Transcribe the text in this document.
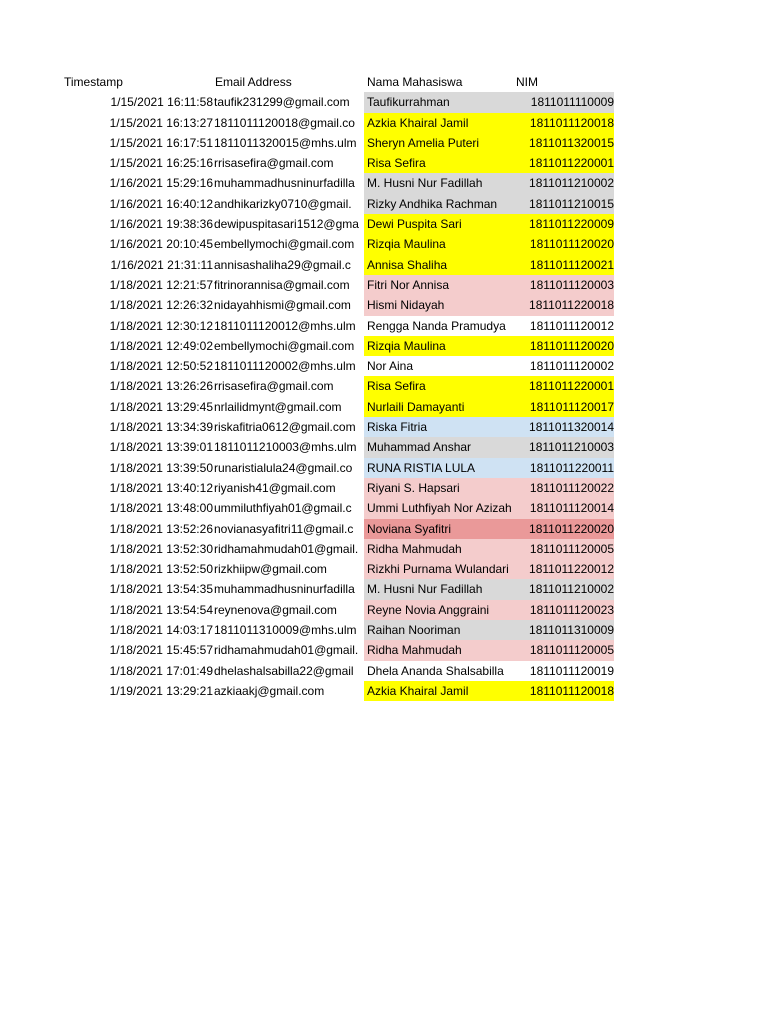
Timestamp	Email Address	Nama Mahasiswa	NIM
1/15/2021 16:11:58 taufik231299@gmail.com	Taufikurrahman	1811011110009
1/15/2021 16:13:27 1811011120018@gmail.co	Azkia Khairal Jamil	1811011120018
1/15/2021 16:17:51 1811011320015@mhs.ulm Sheryn Amelia Puteri	1811011320015
1/15/2021 16:25:16 rrisasefira@gmail.com	Risa Sefira	1811011220001
1/16/2021 15:29:16 muhammadhusninurfadilla	M. Husni Nur Fadillah	1811011210002
1/16/2021 16:40:12 andhikarizky0710@gmail.	Rizky Andhika Rachman	1811011210015
1/16/2021 19:38:36 dewipuspitasari1512@gma Dewi Puspita Sari	1811011220009
1/16/2021 20:10:45 embellymochi@gmail.com	Rizqia Maulina	1811011120020
1/16/2021 21:31:11 annisashaliha29@gmail.c	Annisa Shaliha	1811011120021
1/18/2021 12:21:57 fitrinorannisa@gmail.com	Fitri Nor Annisa	1811011120003
1/18/2021 12:26:32 nidayahhismi@gmail.com	Hismi Nidayah	1811011220018
1/18/2021 12:30:12 1811011120012@mhs.ulm Rengga Nanda Pramudya	1811011120012
1/18/2021 12:49:02 embellymochi@gmail.com	Rizqia Maulina	1811011120020
1/18/2021 12:50:52 1811011120002@mhs.ulm Nor Aina	1811011120002
1/18/2021 13:26:26 rrisasefira@gmail.com	Risa Sefira	1811011220001
1/18/2021 13:29:45 nrlailidmynt@gmail.com	Nurlaili Damayanti	1811011120017
1/18/2021 13:34:39 riskafitria0612@gmail.com Riska Fitria	1811011320014
1/18/2021 13:39:01 1811011210003@mhs.ulm Muhammad Anshar	1811011210003
1/18/2021 13:39:50 runaristialula24@gmail.co	RUNA RISTIA LULA	1811011220011
1/18/2021 13:40:12 riyanish41@gmail.com	Riyani S. Hapsari	1811011120022
1/18/2021 13:48:00 ummiluthfiyah01@gmail.c	Ummi Luthfiyah Nor Azizah	1811011120014
1/18/2021 13:52:26 novianasyafitri11@gmail.c	Noviana Syafitri	1811011220020
1/18/2021 13:52:30 ridhamahmudah01@gmail. Ridha Mahmudah	1811011120005
1/18/2021 13:52:50 rizkhiipw@gmail.com	Rizkhi Purnama Wulandari	1811011220012
1/18/2021 13:54:35 muhammadhusninurfadilla	M. Husni Nur Fadillah	1811011210002
1/18/2021 13:54:54 reynenova@gmail.com	Reyne Novia Anggraini	1811011120023
1/18/2021 14:03:17 1811011310009@mhs.ulm Raihan Nooriman	1811011310009
1/18/2021 15:45:57 ridhamahmudah01@gmail. Ridha Mahmudah	1811011120005
1/18/2021 17:01:49 dhelashalsabilla22@gmail	Dhela Ananda Shalsabilla	1811011120019
1/19/2021 13:29:21 azkiaakj@gmail.com	Azkia Khairal Jamil	1811011120018
